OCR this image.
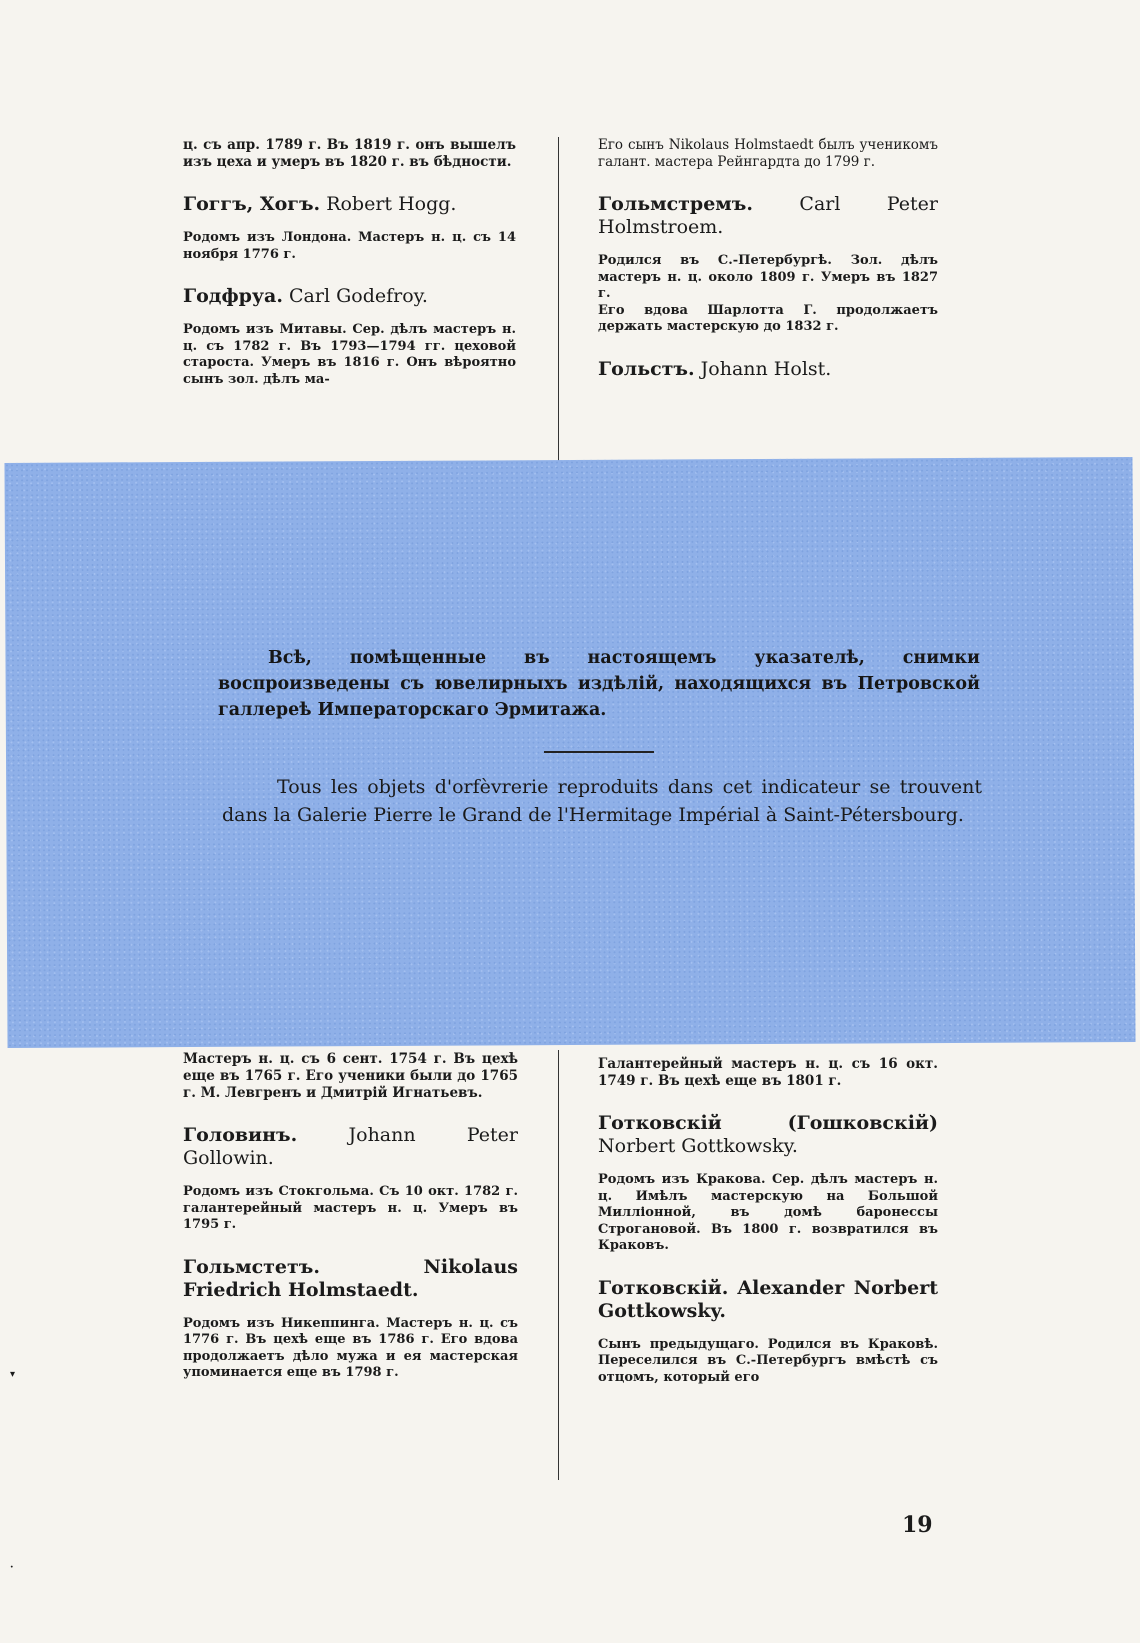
ц. съ апр. 1789 г. Въ 1819 г. онъ вышелъ изъ цеха и умеръ въ 1820 г. въ бѣдности.

Гоггъ, Хогъ. Robert Hogg.

Родомъ изъ Лондона. Мастеръ н. ц. съ 14 ноября 1776 г.

Годфруа. Carl Godefroy.

Родомъ изъ Митавы. Сер. дѣлъ мастеръ н. ц. съ 1782 г. Въ 1793—1794 гг. цеховой староста. Умеръ въ 1816 г. Онъ вѣроятно сынъ зол. дѣлъ ма-

Его сынъ Nikolaus Holmstaedt былъ ученикомъ галант. мастера Рейнгардта до 1799 г.

Гольмстремъ. Carl Peter Holmstroem.

Родился въ С.-Петербургѣ. Зол. дѣлъ мастеръ н. ц. около 1809 г. Умеръ въ 1827 г.

Его вдова Шарлотта Г. продолжаетъ держать мастерскую до 1832 г.

Гольстъ. Johann Holst.

Всѣ, помѣщенные въ настоящемъ указателѣ, снимки воспроизведены съ ювелирныхъ издѣлій, находящихся въ Петровской галлереѣ Императорскаго Эрмитажа.
Tous les objets d'orfèvrerie reproduits dans cet indicateur se trouvent dans la Galerie Pierre le Grand de l'Hermitage Impérial à Saint-Pétersbourg.

Мастеръ н. ц. съ 6 сент. 1754 г. Въ цехѣ еще въ 1765 г. Его ученики были до 1765 г. М. Левгренъ и Дмитрій Игнатьевъ.

Головинъ.	Johann Peter Gollowin.

Родомъ изъ Стокгольма. Съ 10 окт. 1782 г. галантерейный мастеръ н. ц. Умеръ въ 1795 г.

Гольмстетъ.	Nikolaus Friedrich Holmstaedt.

Родомъ изъ Никеппинга. Мастеръ н. ц. съ 1776 г. Въ цехѣ еще въ 1786 г. Его вдова продолжаетъ дѣло мужа и ея мастерская упоминается еще въ 1798 г.

Галантерейный мастеръ н. ц. съ 16 окт. 1749 г. Въ цехѣ еще въ 1801 г.

Готковскій (Гошковскій) Norbert Gottkowsky.

Родомъ изъ Кракова. Сер. дѣлъ мастеръ н. ц. Имѣлъ мастерскую на Большой Милліонной, въ домѣ баронессы Строгановой. Въ 1800 г. возвратился въ Краковъ.

Готковскій. Alexander Norbert Gottkowsky.

Сынъ предыдущаго. Родился въ Краковѣ. Переселился въ С.-Петербургъ вмѣстѣ съ отцомъ, который его

19
▾
·
